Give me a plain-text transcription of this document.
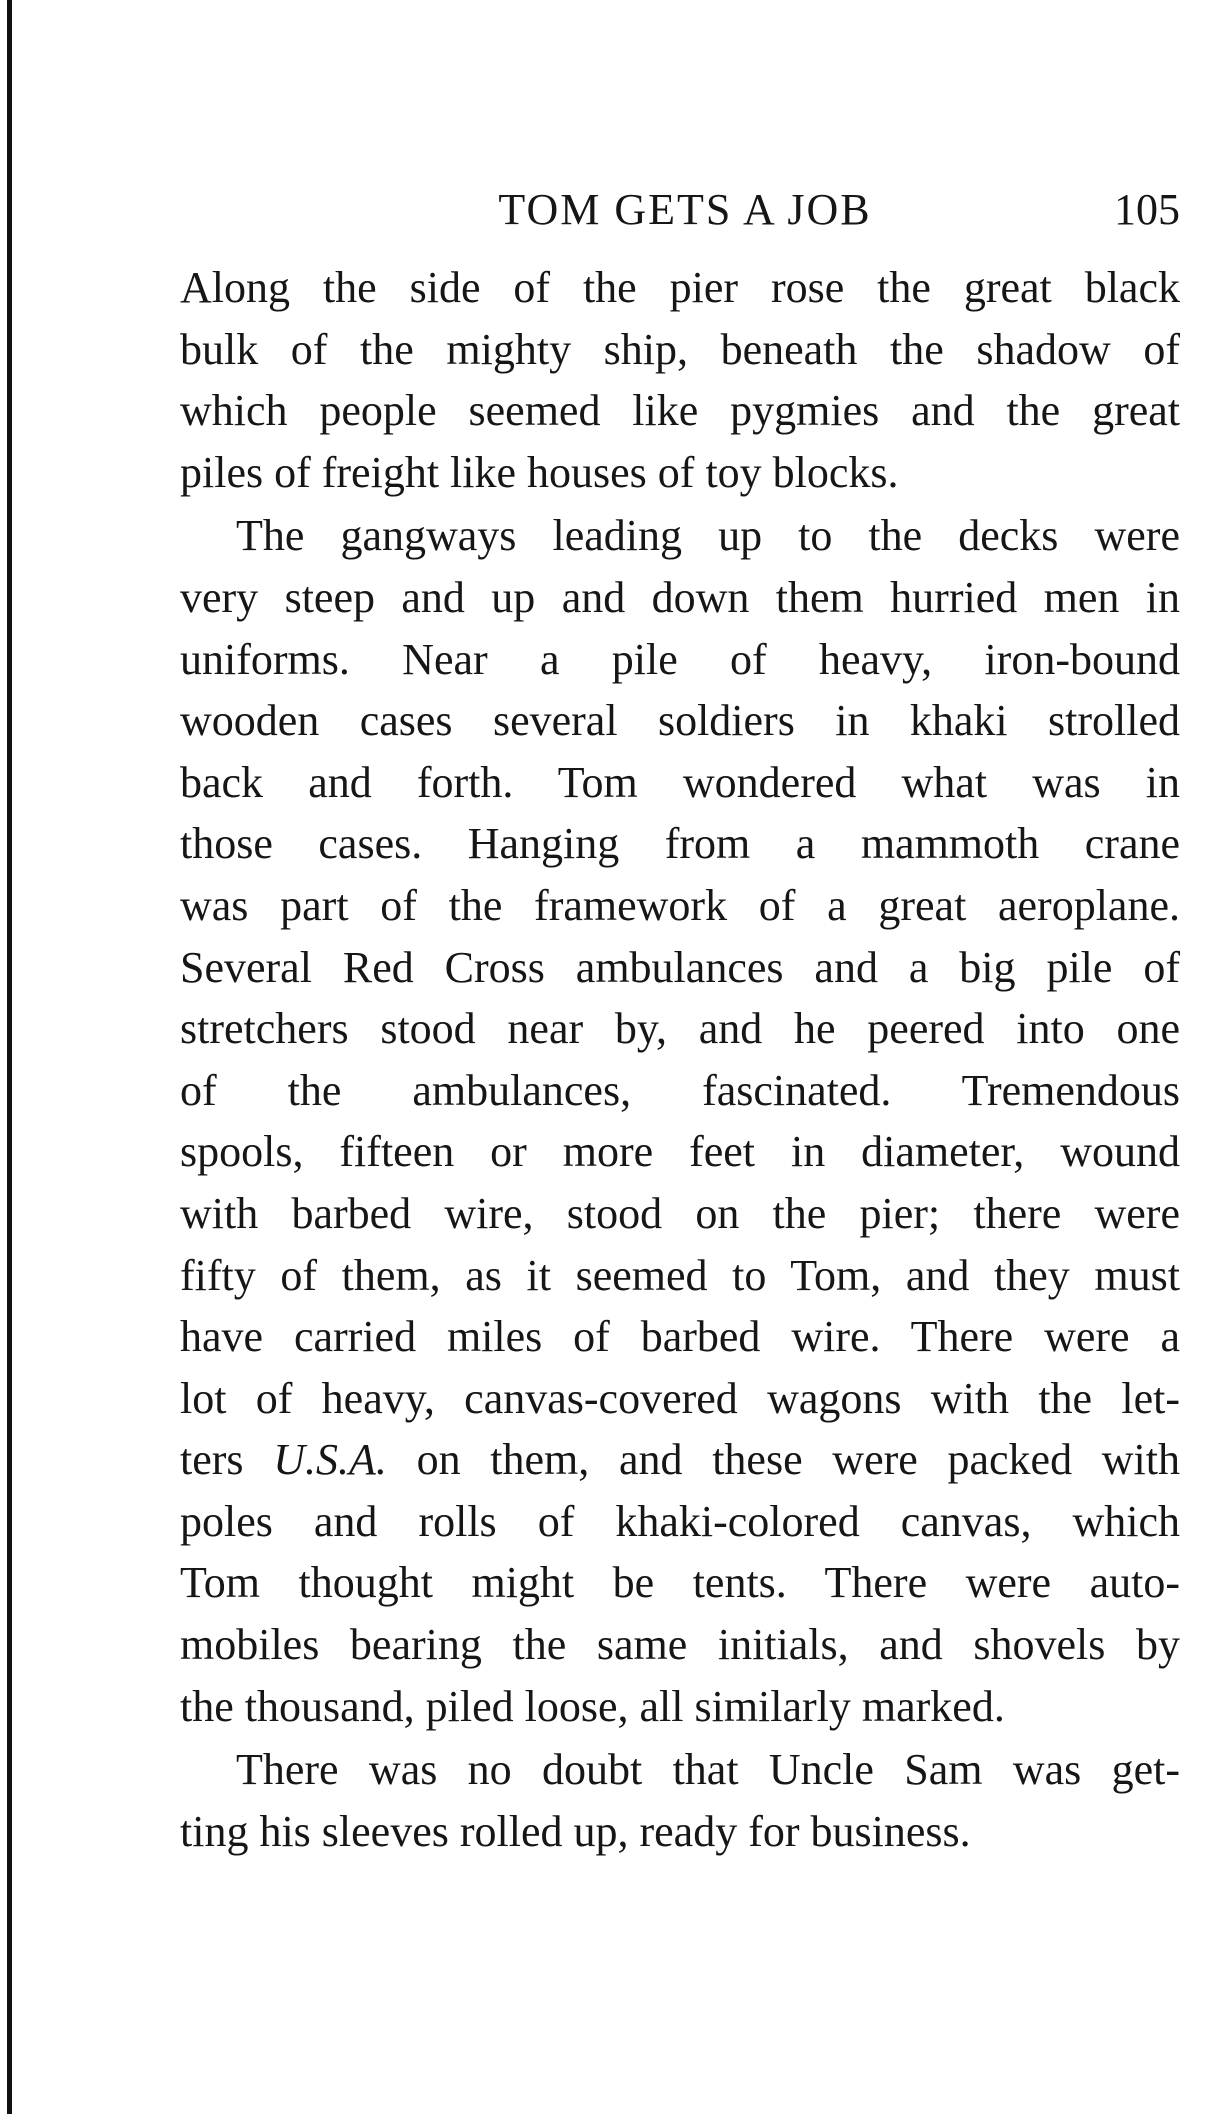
TOM GETS A JOB	105
Along the side of the pier rose the great black
bulk of the mighty ship, beneath the shadow of
which people seemed like pygmies and the great
piles of freight like houses of toy blocks.
The gangways leading up to the decks were
very steep and up and down them hurried men in
uniforms. Near a pile of heavy, iron-bound
wooden cases several soldiers in khaki strolled
back and forth. Tom wondered what was in
those cases. Hanging from a mammoth crane
was part of the framework of a great aeroplane.
Several Red Cross ambulances and a big pile of
stretchers stood near by, and he peered into one
of the ambulances, fascinated. Tremendous
spools, fifteen or more feet in diameter, wound
with barbed wire, stood on the pier; there were
fifty of them, as it seemed to Tom, and they must
have carried miles of barbed wire. There were a
lot of heavy, canvas-covered wagons with the let-
ters U.S.A. on them, and these were packed with
poles and rolls of khaki-colored canvas, which
Tom thought might be tents. There were auto-
mobiles bearing the same initials, and shovels by
the thousand, piled loose, all similarly marked.
There was no doubt that Uncle Sam was get-
ting his sleeves rolled up, ready for business.
